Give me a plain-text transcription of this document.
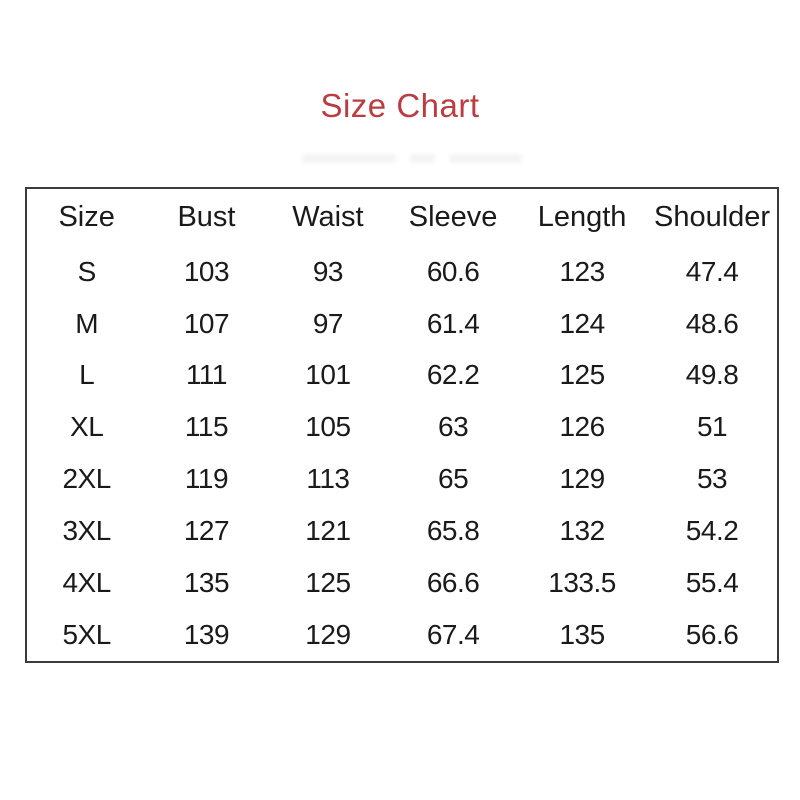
Size Chart
Size	Bust	Waist	Sleeve	Length	Shoulder
S	103	93	60.6	123	47.4
M	107	97	61.4	124	48.6
L	111	101	62.2	125	49.8
XL	115	105	63	126	51
2XL	119	113	65	129	53
3XL	127	121	65.8	132	54.2
4XL	135	125	66.6	133.5	55.4
5XL	139	129	67.4	135	56.6
